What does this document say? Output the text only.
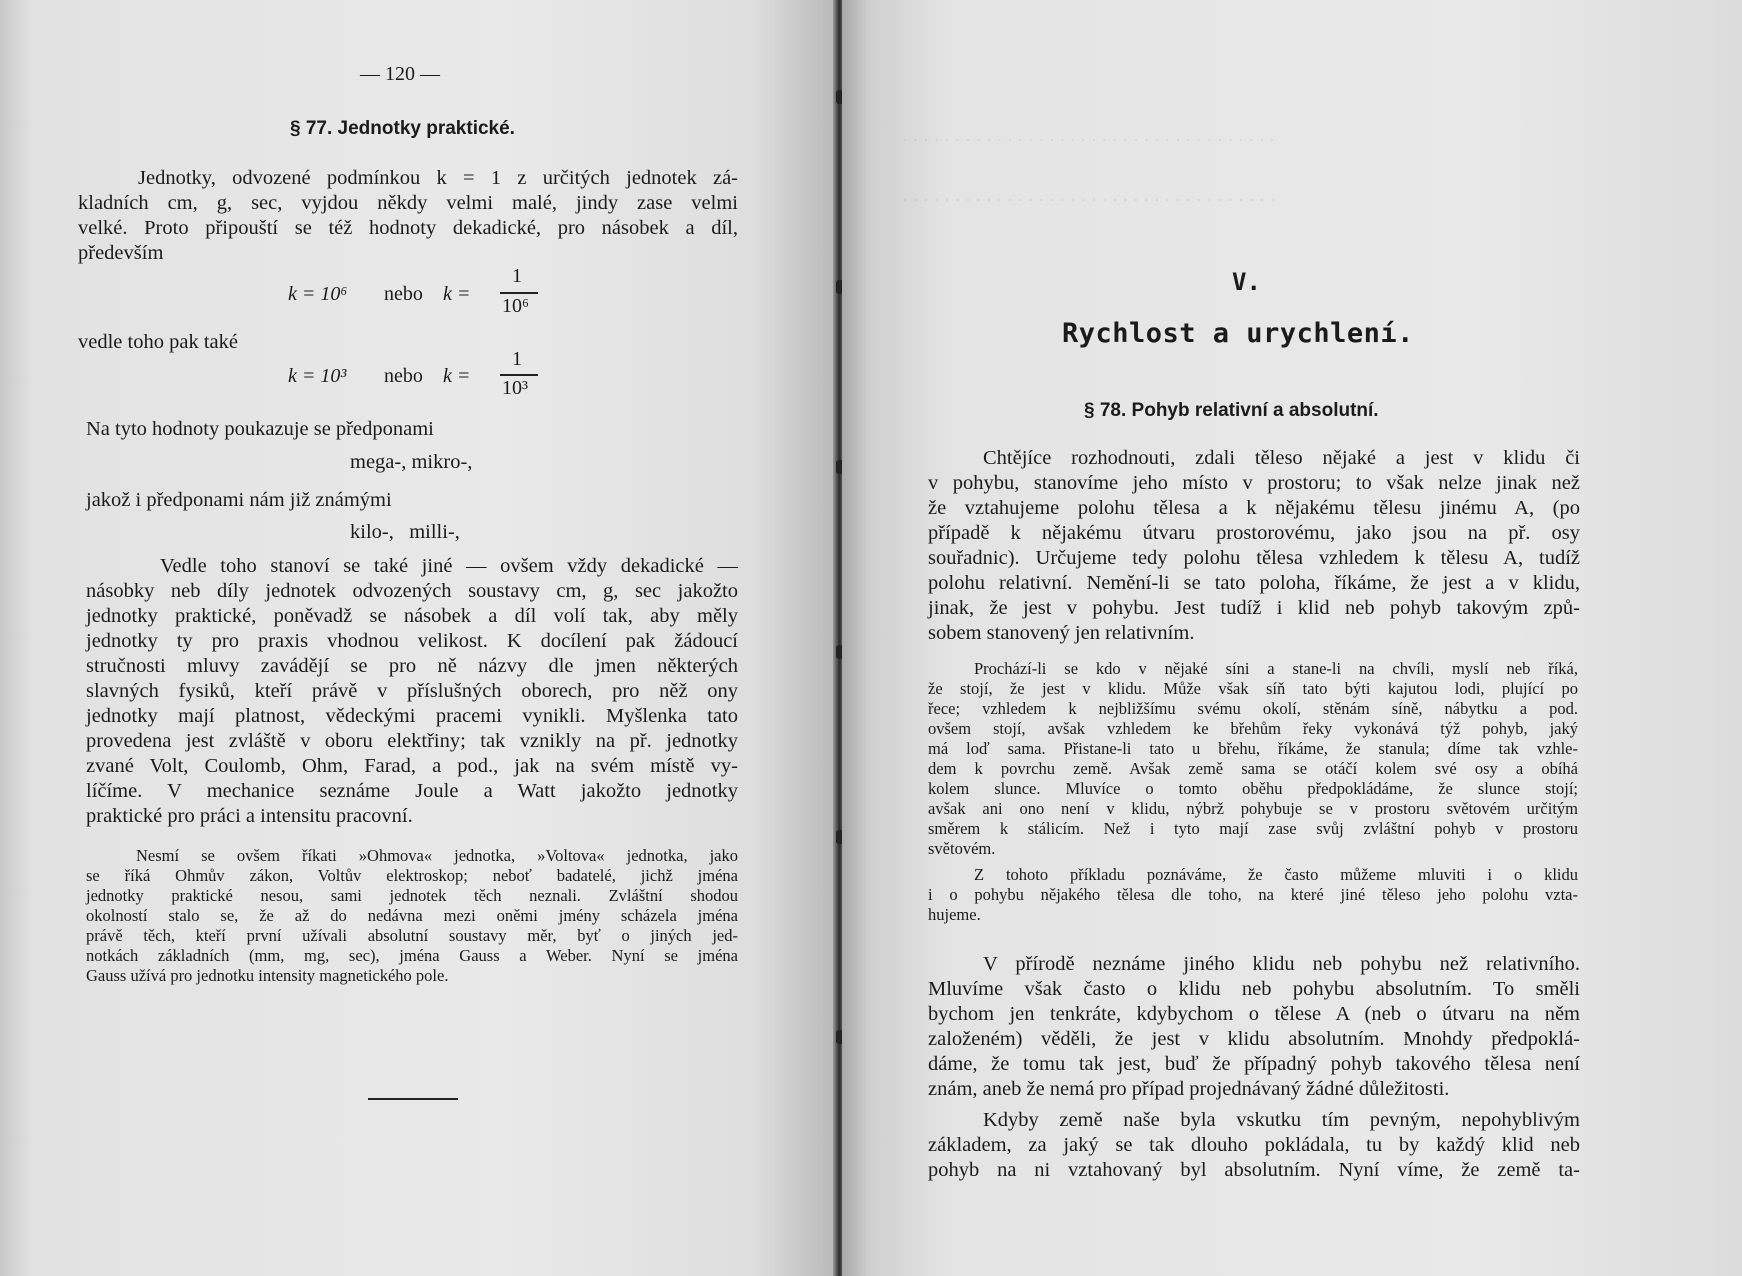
— 120 —
§ 77. Jednotky praktické.
Jednotky, odvozené podmínkou k = 1 z určitých jednotek zá-
kladních cm, g, sec, vyjdou někdy velmi malé, jindy zase velmi
velké. Proto připouští se též hodnoty dekadické, pro násobek a díl,
především
k = 10⁶ nebo k =
1
10⁶
vedle toho pak také
k = 10³ nebo k =
1
10³
Na tyto hodnoty poukazuje se předponami
mega-, mikro-,
jakož i předponami nám již známými
kilo-,   milli-,
Vedle toho stanoví se také jiné — ovšem vždy dekadické —
násobky neb díly jednotek odvozených soustavy cm, g, sec jakožto
jednotky praktické, poněvadž se násobek a díl volí tak, aby měly
jednotky ty pro praxis vhodnou velikost. K docílení pak žádoucí
stručnosti mluvy zavádějí se pro ně názvy dle jmen některých
slavných fysiků, kteří právě v příslušných oborech, pro něž ony
jednotky mají platnost, vědeckými pracemi vynikli. Myšlenka tato
provedena jest zvláště v oboru elektřiny; tak vznikly na př. jednotky
zvané Volt, Coulomb, Ohm, Farad, a pod., jak na svém místě vy-
líčíme. V mechanice seznáme Joule a Watt jakožto jednotky
praktické pro práci a intensitu pracovní.
Nesmí se ovšem říkati »Ohmova« jednotka, »Voltova« jednotka, jako
se říká Ohmův zákon, Voltův elektroskop; neboť badatelé, jichž jména
jednotky praktické nesou, sami jednotek těch neznali. Zvláštní shodou
okolností stalo se, že až do nedávna mezi oněmi jmény scházela jména
právě těch, kteří první užívali absolutní soustavy měr, byť o jiných jed-
notkách základních (mm, mg, sec), jména Gauss a Weber. Nyní se jména
Gauss užívá pro jednotku intensity magnetického pole.
· · · · · · · · · · · · · · · · · · · · · · · · · · · · · · · · · · · ·
· · · · · · · · · · · · · · · · · · · · · · · · · · · · · · · · · · · ·
V.
Rychlost a urychlení.
§ 78. Pohyb relativní a absolutní.
Chtějíce rozhodnouti, zdali těleso nějaké a jest v klidu či
v pohybu, stanovíme jeho místo v prostoru; to však nelze jinak než
že vztahujeme polohu tělesa a k nějakému tělesu jinému A, (po
případě k nějakému útvaru prostorovému, jako jsou na př. osy
souřadnic). Určujeme tedy polohu tělesa vzhledem k tělesu A, tudíž
polohu relativní. Nemění-li se tato poloha, říkáme, že jest a v klidu,
jinak, že jest v pohybu. Jest tudíž i klid neb pohyb takovým způ-
sobem stanovený jen relativním.
Prochází-li se kdo v nějaké síni a stane-li na chvíli, myslí neb říká,
že stojí, že jest v klidu. Může však síň tato býti kajutou lodi, plující po
řece; vzhledem k nejbližšímu svému okolí, stěnám síně, nábytku a pod.
ovšem stojí, avšak vzhledem ke břehům řeky vykonává týž pohyb, jaký
má loď sama. Přistane-li tato u břehu, říkáme, že stanula; díme tak vzhle-
dem k povrchu země. Avšak země sama se otáčí kolem své osy a obíhá
kolem slunce. Mluvíce o tomto oběhu předpokládáme, že slunce stojí;
avšak ani ono není v klidu, nýbrž pohybuje se v prostoru světovém určitým
směrem k stálicím. Než i tyto mají zase svůj zvláštní pohyb v prostoru
světovém.
Z tohoto příkladu poznáváme, že často můžeme mluviti i o klidu
i o pohybu nějakého tělesa dle toho, na které jiné těleso jeho polohu vzta-
hujeme.
V přírodě neznáme jiného klidu neb pohybu než relativního.
Mluvíme však často o klidu neb pohybu absolutním. To směli
bychom jen tenkráte, kdybychom o tělese A (neb o útvaru na něm
založeném) věděli, že jest v klidu absolutním. Mnohdy předpoklá-
dáme, že tomu tak jest, buď že případný pohyb takového tělesa není
znám, aneb že nemá pro případ projednávaný žádné důležitosti.
Kdyby země naše byla vskutku tím pevným, nepohyblivým
základem, za jaký se tak dlouho pokládala, tu by každý klid neb
pohyb na ni vztahovaný byl absolutním. Nyní víme, že země ta-
